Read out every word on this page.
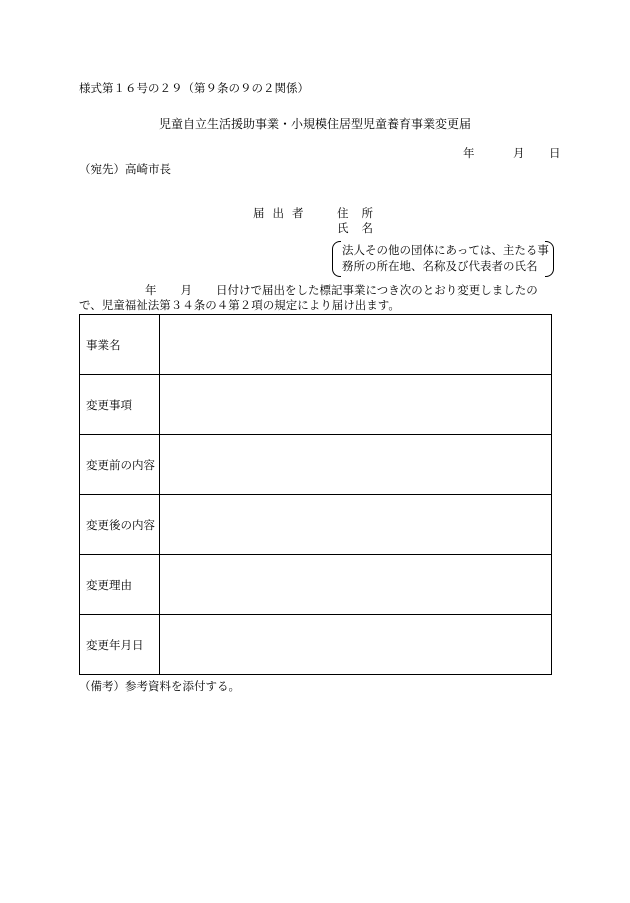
様式第１６号の２９（第９条の９の２関係）
児童自立生活援助事業・小規模住居型児童養育事業変更届
年	月 日
（宛先）高崎市長
届出者 住所
氏名
法人その他の団体にあっては、主たる事
務所の所在地、名称及び代表者の氏名
年 月 日付けで届出をした標記事業につき次のとおり変更しましたの
で、児童福祉法第３４条の４第２項の規定により届け出ます。
事業名	
変更事項	
変更前の内容	
変更後の内容	
変更理由	
変更年月日	
（備考）参考資料を添付する。
